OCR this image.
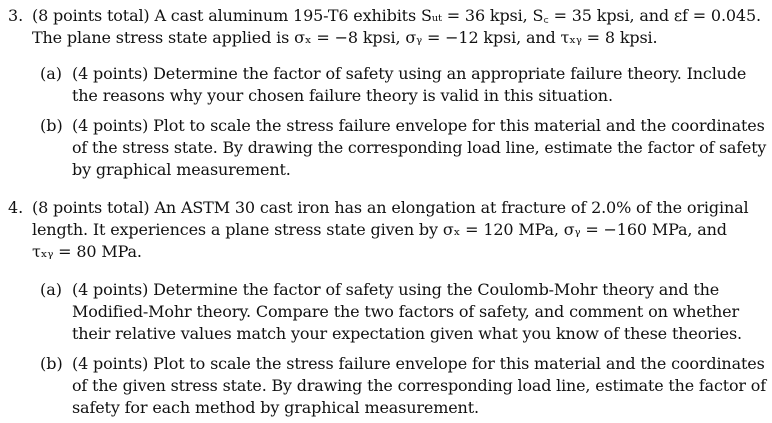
3. (8 points total) A cast aluminum 195-T6 exhibits Sᵤₜ = 36 kpsi, S꜀ = 35 kpsi, and εf = 0.045.
The plane stress state applied is σₓ = −8 kpsi, σᵧ = −12 kpsi, and τₓᵧ = 8 kpsi.
(a) (4 points) Determine the factor of safety using an appropriate failure theory. Include
the reasons why your chosen failure theory is valid in this situation.
(b) (4 points) Plot to scale the stress failure envelope for this material and the coordinates
of the stress state. By drawing the corresponding load line, estimate the factor of safety
by graphical measurement.
4. (8 points total) An ASTM 30 cast iron has an elongation at fracture of 2.0% of the original
length. It experiences a plane stress state given by σₓ = 120 MPa, σᵧ = −160 MPa, and
τₓᵧ = 80 MPa.
(a) (4 points) Determine the factor of safety using the Coulomb-Mohr theory and the
Modified-Mohr theory. Compare the two factors of safety, and comment on whether
their relative values match your expectation given what you know of these theories.
(b) (4 points) Plot to scale the stress failure envelope for this material and the coordinates
of the given stress state. By drawing the corresponding load line, estimate the factor of
safety for each method by graphical measurement.
